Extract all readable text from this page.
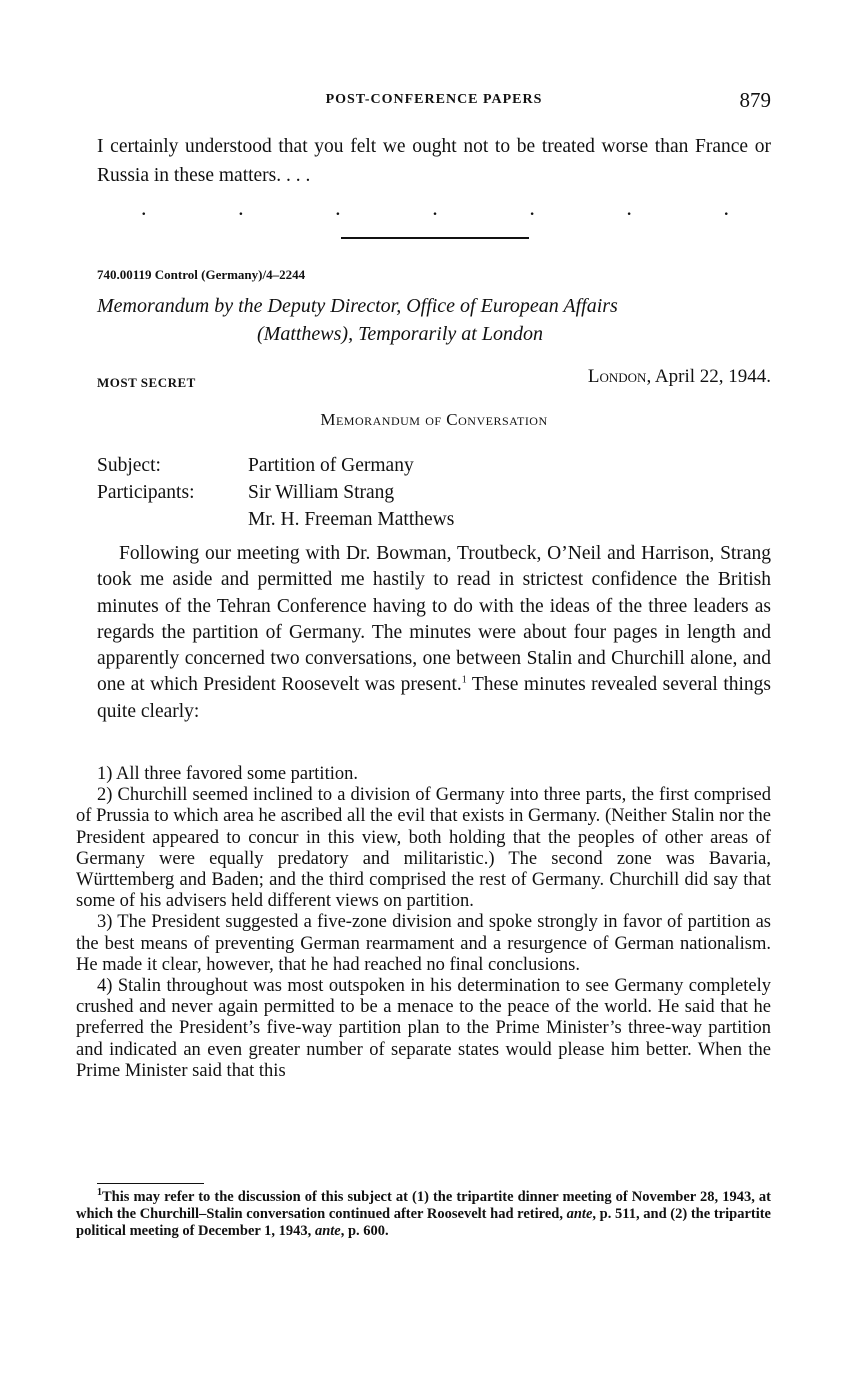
POST-CONFERENCE PAPERS	879
I certainly understood that you felt we ought not to be treated worse than France or Russia in these matters. . . .
.	.	.	.	.	.	.
740.00119 Control (Germany)/4–2244
Memorandum by the Deputy Director, Office of European Affairs
(Matthews), Temporarily at London
MOST SECRET	London, April 22, 1944.
Memorandum of Conversation
Subject:	Partition of Germany
Participants:	Sir William Strang
Mr. H. Freeman Matthews

Following our meeting with Dr. Bowman, Troutbeck, O’Neil and Harrison, Strang took me aside and permitted me hastily to read in strictest confidence the British minutes of the Tehran Conference having to do with the ideas of the three leaders as regards the partition of Germany. The minutes were about four pages in length and apparently concerned two conversations, one between Stalin and Churchill alone, and one at which President Roosevelt was present.$^1$ These minutes revealed several things quite clearly:

1) All three favored some partition.

2) Churchill seemed inclined to a division of Germany into three parts, the first comprised of Prussia to which area he ascribed all the evil that exists in Germany. (Neither Stalin nor the President appeared to concur in this view, both holding that the peoples of other areas of Germany were equally predatory and militaristic.) The second zone was Bavaria, Württemberg and Baden; and the third comprised the rest of Germany. Churchill did say that some of his advisers held different views on partition.

3) The President suggested a five-zone division and spoke strongly in favor of partition as the best means of preventing German rearmament and a resurgence of German nationalism. He made it clear, however, that he had reached no final conclusions.

4) Stalin throughout was most outspoken in his determination to see Germany completely crushed and never again permitted to be a menace to the peace of the world. He said that he preferred the President’s five-way partition plan to the Prime Minister’s three-way partition and indicated an even greater number of separate states would please him better. When the Prime Minister said that this

$^1$This may refer to the discussion of this subject at (1) the tripartite dinner meeting of November 28, 1943, at which the Churchill–Stalin conversation continued after Roosevelt had retired, ante, p. 511, and (2) the tripartite political meeting of December 1, 1943, ante, p. 600.
